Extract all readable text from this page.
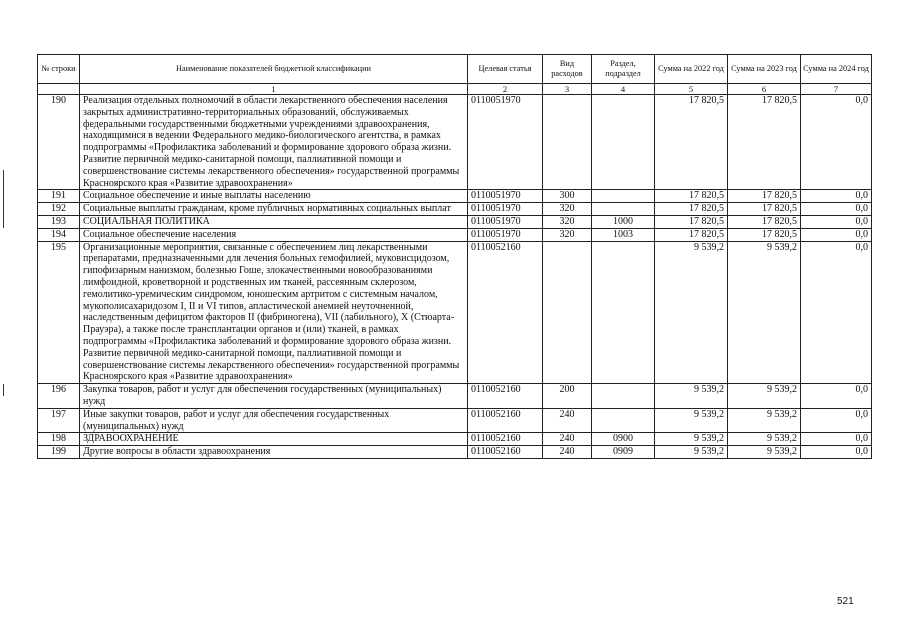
№ строки	Наименование показателей бюджетной классификации	Целевая статья	Вид расходов	Раздел, подраздел	Сумма на 2022 год	Сумма на 2023 год	Сумма на 2024 год
	1	2	3	4	5	6	7
190	Реализация отдельных полномочий в области лекарственного обеспечения населения закрытых административно-территориальных образований, обслуживаемых федеральными государственными бюджетными учреждениями здравоохранения, находящимися в ведении Федерального медико-биологического агентства, в рамках подпрограммы «Профилактика заболеваний и формирование здорового образа жизни. Развитие первичной медико-санитарной помощи, паллиативной помощи и совершенствование системы лекарственного обеспечения» государственной программы Красноярского края «Развитие здравоохранения»	0110051970			17 820,5	17 820,5	0,0
191	Социальное обеспечение и иные выплаты населению	0110051970	300		17 820,5	17 820,5	0,0
192	Социальные выплаты гражданам, кроме публичных нормативных социальных выплат	0110051970	320		17 820,5	17 820,5	0,0
193	СОЦИАЛЬНАЯ ПОЛИТИКА	0110051970	320	1000	17 820,5	17 820,5	0,0
194	Социальное обеспечение населения	0110051970	320	1003	17 820,5	17 820,5	0,0
195	Организационные мероприятия, связанные с обеспечением лиц лекарственными препаратами, предназначенными для лечения больных гемофилией, муковисцидозом, гипофизарным нанизмом, болезнью Гоше, злокачественными новообразованиями лимфоидной, кроветворной и родственных им тканей, рассеянным склерозом, гемолитико-уремическим синдромом, юношеским артритом с системным началом, мукополисахаридозом I, II и VI типов, апластической анемией неуточненной, наследственным дефицитом факторов II (фибриногена), VII (лабильного), X (Стюарта-Прауэра), а также после трансплантации органов и (или) тканей, в рамках подпрограммы «Профилактика заболеваний и формирование здорового образа жизни. Развитие первичной медико-санитарной помощи, паллиативной помощи и совершенствование системы лекарственного обеспечения» государственной программы Красноярского края «Развитие здравоохранения»	0110052160			9 539,2	9 539,2	0,0
196	Закупка товаров, работ и услуг для обеспечения государственных (муниципальных) нужд	0110052160	200		9 539,2	9 539,2	0,0
197	Иные закупки товаров, работ и услуг для обеспечения государственных (муниципальных) нужд	0110052160	240		9 539,2	9 539,2	0,0
198	ЗДРАВООХРАНЕНИЕ	0110052160	240	0900	9 539,2	9 539,2	0,0
199	Другие вопросы в области здравоохранения	0110052160	240	0909	9 539,2	9 539,2	0,0
521
